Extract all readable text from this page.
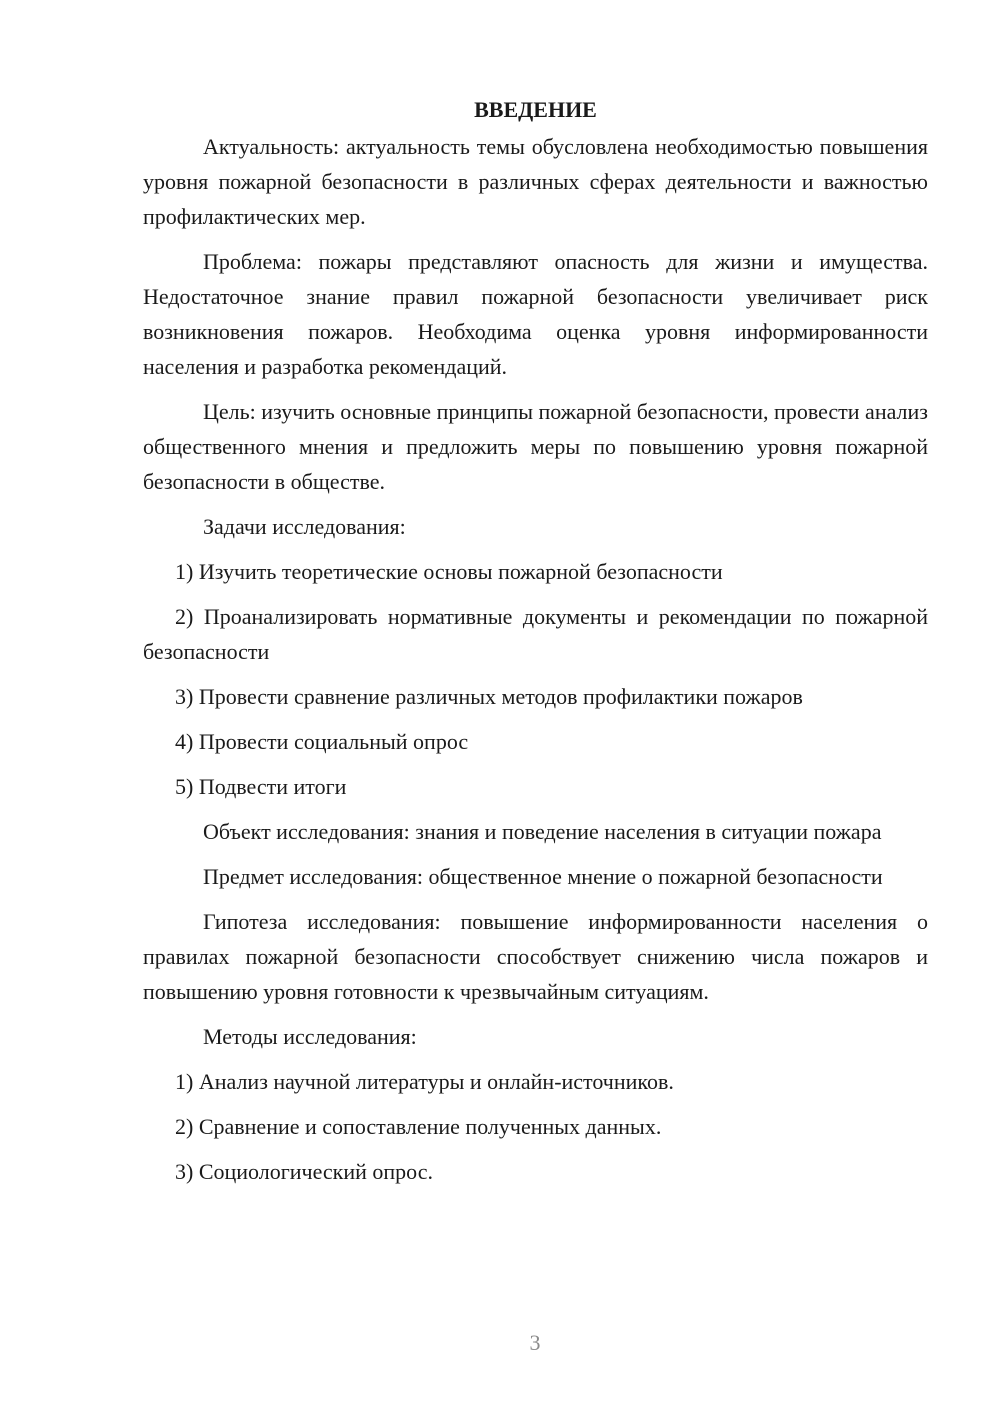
ВВЕДЕНИЕ

Актуальность: актуальность темы обусловлена необходимостью повышения уровня пожарной безопасности в различных сферах деятельности и важностью профилактических мер.

Проблема: пожары представляют опасность для жизни и имущества. Недостаточное знание правил пожарной безопасности увеличивает риск возникновения пожаров. Необходима оценка уровня информированности населения и разработка рекомендаций.

Цель: изучить основные принципы пожарной безопасности, провести анализ общественного мнения и предложить меры по повышению уровня пожарной безопасности в обществе.

Задачи исследования:

1) Изучить теоретические основы пожарной безопасности

2) Проанализировать нормативные документы и рекомендации по пожарной безопасности

3) Провести сравнение различных методов профилактики пожаров

4) Провести социальный опрос

5) Подвести итоги

Объект исследования: знания и поведение населения в ситуации пожара

Предмет исследования: общественное мнение о пожарной безопасности

Гипотеза исследования: повышение информированности населения о правилах пожарной безопасности способствует снижению числа пожаров и повышению уровня готовности к чрезвычайным ситуациям.

Методы исследования:

1) Анализ научной литературы и онлайн-источников.

2) Сравнение и сопоставление полученных данных.

3) Социологический опрос.

3
